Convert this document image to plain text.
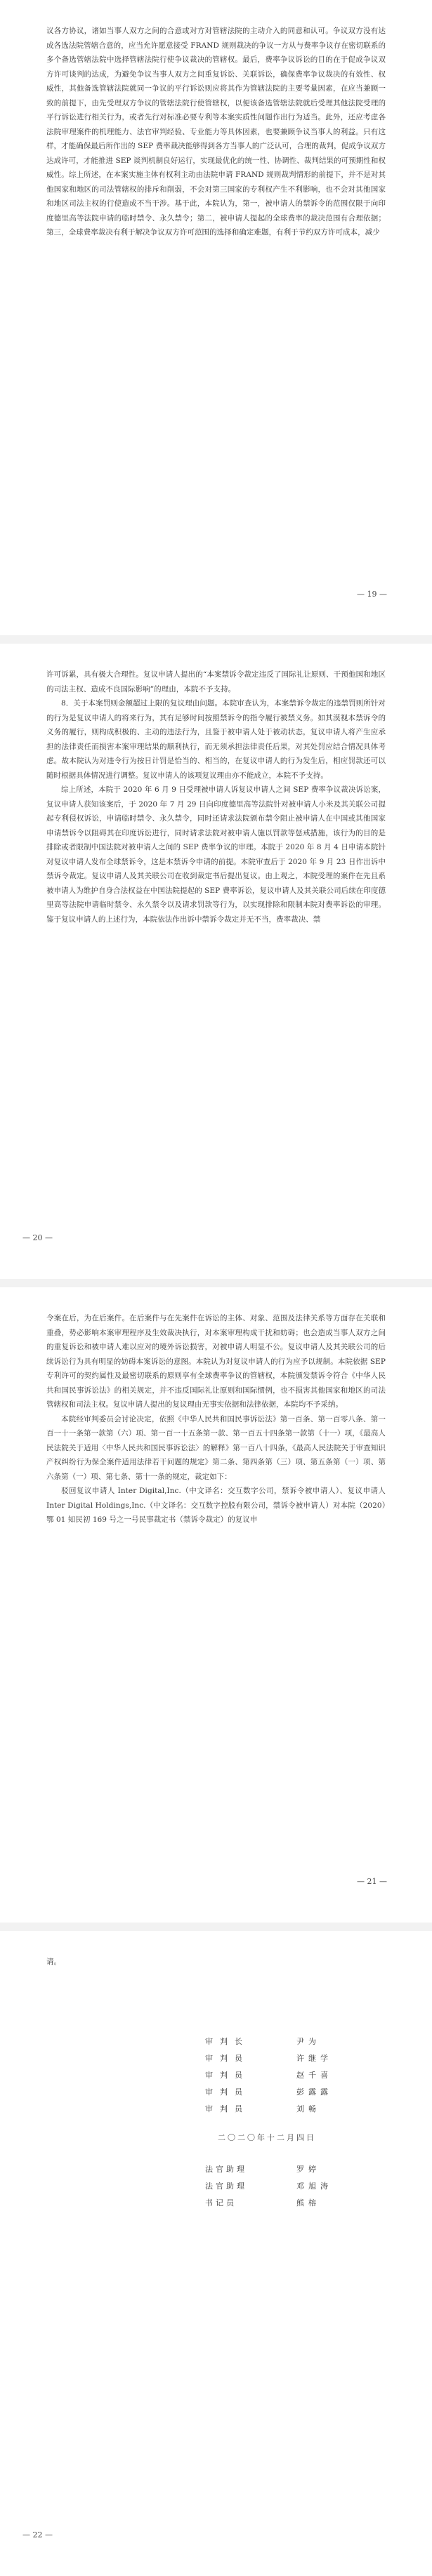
议各方协议，诸如当事人双方之间的合意或对方对管辖法院的主动介入的同意和认可。争议双方没有达成各选法院管辖合意的，应当允许愿意接受 FRAND 规则裁决的争议一方从与费率争议存在密切联系的多个备选管辖法院中选择管辖法院行使争议裁决的管辖权。最后，费率争议诉讼的目的在于促成争议双方许可谈判的达成，为避免争议当事人双方之间重复诉讼、关联诉讼，确保费率争议裁决的有效性、权威性，其他备选管辖法院就同一争议的平行诉讼则应将其作为管辖法院的主要考量因素，在应当兼顾一致的前提下，由先受理双方争议的管辖法院行使管辖权，以便该备选管辖法院就后受理其他法院受理的平行诉讼进行相关行为，或者先行对标准必要专利等本案实质性问题作出行为适当。此外，还应考虑各法院审理案件的机理能力、法官审判经验、专业能力等具体因素，也要兼顾争议当事人的利益。只有这样，才能确保最后所作出的 SEP 费率裁决能够得到各方当事人的广泛认可，合理的裁判，促成争议双方达成许可，才能推进 SEP 谈判机制良好运行，实现最优化的统一性、协调性、裁判结果的可预期性和权威性。综上所述，在本案实施主体有权利主动由法院申请 FRAND 规则裁判情形的前提下，并不是对其他国家和地区的司法管辖权的排斥和削弱，不会对第三国家的专利权产生不利影响，也不会对其他国家和地区司法主权的行使造成不当干涉。基于此，本院认为，第一，被申请人的禁诉令的范围仅限于向印度德里高等法院申请的临时禁令、永久禁令；第二，被申请人提起的全球费率的裁决范围有合理依据；第三，全球费率裁决有利于解决争议双方许可范围的选择和确定难题，有利于节约双方许可成本，减少

— 19 —

许可诉累，具有极大合理性。复议申请人提出的“本案禁诉令裁定违反了国际礼让原则、干预他国和地区的司法主权、造成不良国际影响”的理由，本院不予支持。

8．关于本案罚则金额超过上限的复议理由问题。本院审查认为，本案禁诉令裁定的违禁罚则所针对的行为是复议申请人的将来行为，其有足够时间按照禁诉令的指令履行被禁义务。如其漠视本禁诉令的义务的履行，则构成积极的、主动的违法行为，且鉴于被申请人处于被动状态，复议申请人将产生应承担的法律责任而损害本案审理结果的顺利执行，而无须承担法律责任后果，对其处罚应结合情况具体考虑。故本院认为对违令行为按日计罚是恰当的、相当的，在复议申请人的行为发生后，相应罚款还可以随时根据具体情况进行调整。复议申请人的该项复议理由亦不能成立，本院不予支持。

综上所述，本院于 2020 年 6 月 9 日受理被申请人诉复议申请人之间 SEP 费率争议裁决诉讼案，复议申请人获知该案后，于 2020 年 7 月 29 日向印度德里高等法院针对被申请人小米及其关联公司提起专利侵权诉讼，申请临时禁令、永久禁令，同时还请求法院颁布禁令阻止被申请人在中国或其他国家申请禁诉令以阻碍其在印度诉讼进行，同时请求法院对被申请人施以罚款等惩戒措施，该行为的目的是排除或者限制中国法院对被申请人之间的 SEP 费率争议的审理。本院于 2020 年 8 月 4 日申请本院针对复议申请人发布全球禁诉令，这是本禁诉令申请的前提。本院审查后于 2020 年 9 月 23 日作出诉中禁诉令裁定。复议申请人及其关联公司在收到裁定书后提出复议。由上观之，本院受理的案件在先且系被申请人为维护自身合法权益在中国法院提起的 SEP 费率诉讼，复议申请人及其关联公司后续在印度德里高等法院申请临时禁令、永久禁令以及请求罚款等行为，以实现排除和限制本院对费率诉讼的审理。鉴于复议申请人的上述行为，本院依法作出诉中禁诉令裁定并无不当，费率裁决、禁

— 20 —

令案在后，为在后案件。在后案件与在先案件在诉讼的主体、对象、范围及法律关系等方面存在关联和重叠，势必影响本案审理程序及生效裁决执行，对本案审理构成干扰和妨碍；也会造成当事人双方之间的重复诉讼和被申请人难以应对的境外诉讼损害，对被申请人明显不公。复议申请人及其关联公司的后续诉讼行为具有明显的妨碍本案诉讼的意图。本院认为对复议申请人的行为应予以规制。本院依据 SEP 专利许可的契约属性及最密切联系的原则享有全球费率争议的管辖权，本院颁发禁诉令符合《中华人民共和国民事诉讼法》的相关规定，并不违反国际礼让原则和国际惯例，也不损害其他国家和地区的司法管辖权和司法主权。复议申请人提出的复议理由无事实依据和法律依据，本院均不予采纳。

本院经审判委员会讨论决定，依照《中华人民共和国民事诉讼法》第一百条、第一百零八条、第一百一十一条第一款第（六）项、第一百一十五条第一款、第一百五十四条第一款第（十一）项，《最高人民法院关于适用〈中华人民共和国民事诉讼法〉的解释》第一百八十四条，《最高人民法院关于审查知识产权纠纷行为保全案件适用法律若干问题的规定》第二条、第四条第（三）项、第五条第（一）项、第六条第（一）项、第七条、第十一条的规定，裁定如下：

驳回复议申请人 Inter Digital,Inc.（中文译名：交互数字公司，禁诉令被申请人）、复议申请人 Inter Digital Holdings,Inc.（中文译名：交互数字控股有限公司，禁诉令被申请人）对本院（2020）鄂 01 知民初 169 号之一号民事裁定书（禁诉令裁定）的复议申

— 21 —

请。

审判长	尹为
审判员	许继学
审判员	赵千喜
审判员	彭露露
审判员	刘畅
二〇二〇年十二月四日
法官助理	罗婷
法官助理	邓旭涛
书记员	熊榕
— 22 —
